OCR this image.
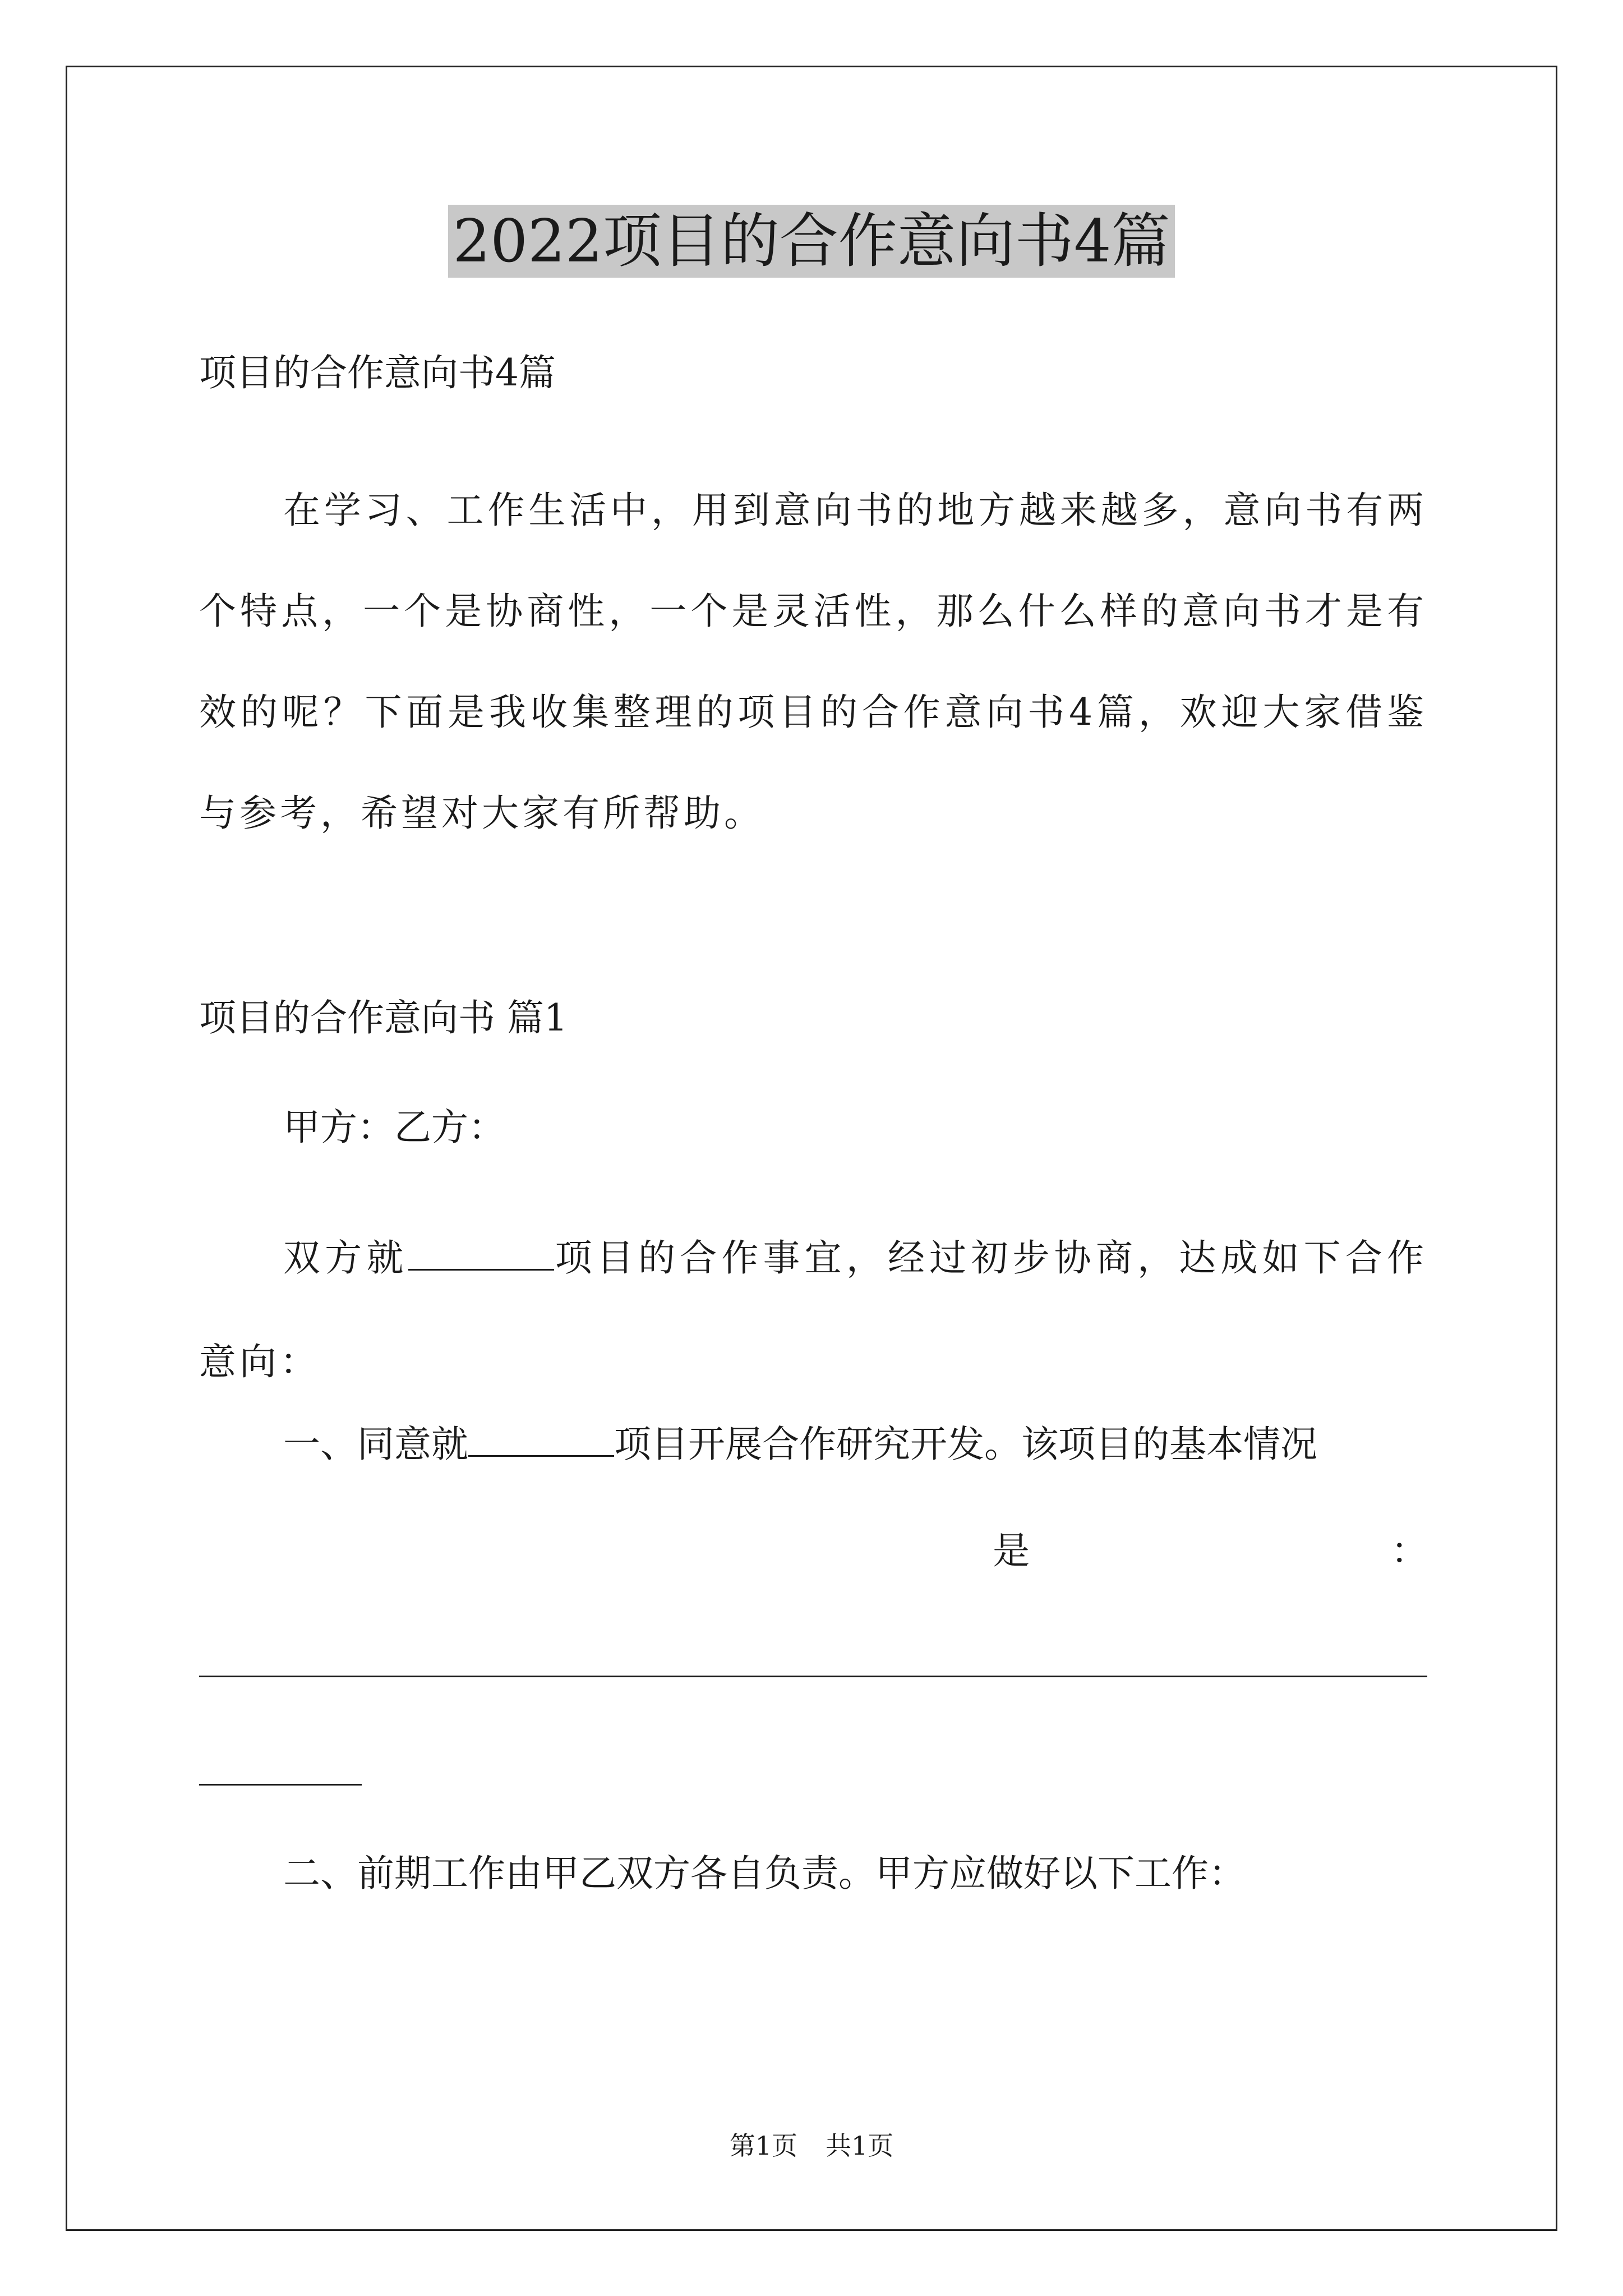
2022项目的合作意向书4篇
项目的合作意向书4篇
在学习、工作生活中，用到意向书的地方越来越多，意向书有两个特点，一个是协商性，一个是灵活性，那么什么样的意向书才是有效的呢？下面是我收集整理的项目的合作意向书4篇，欢迎大家借鉴与参考，希望对大家有所帮助。
项目的合作意向书 篇1
甲方：乙方：
双方就	项目的合作事宜，经过初步协商，达成如下合作意向：
一、同意就	项目开展合作研究开发。该项目的基本情况
是	：
二、前期工作由甲乙双方各自负责。甲方应做好以下工作：
第1页 共1页
